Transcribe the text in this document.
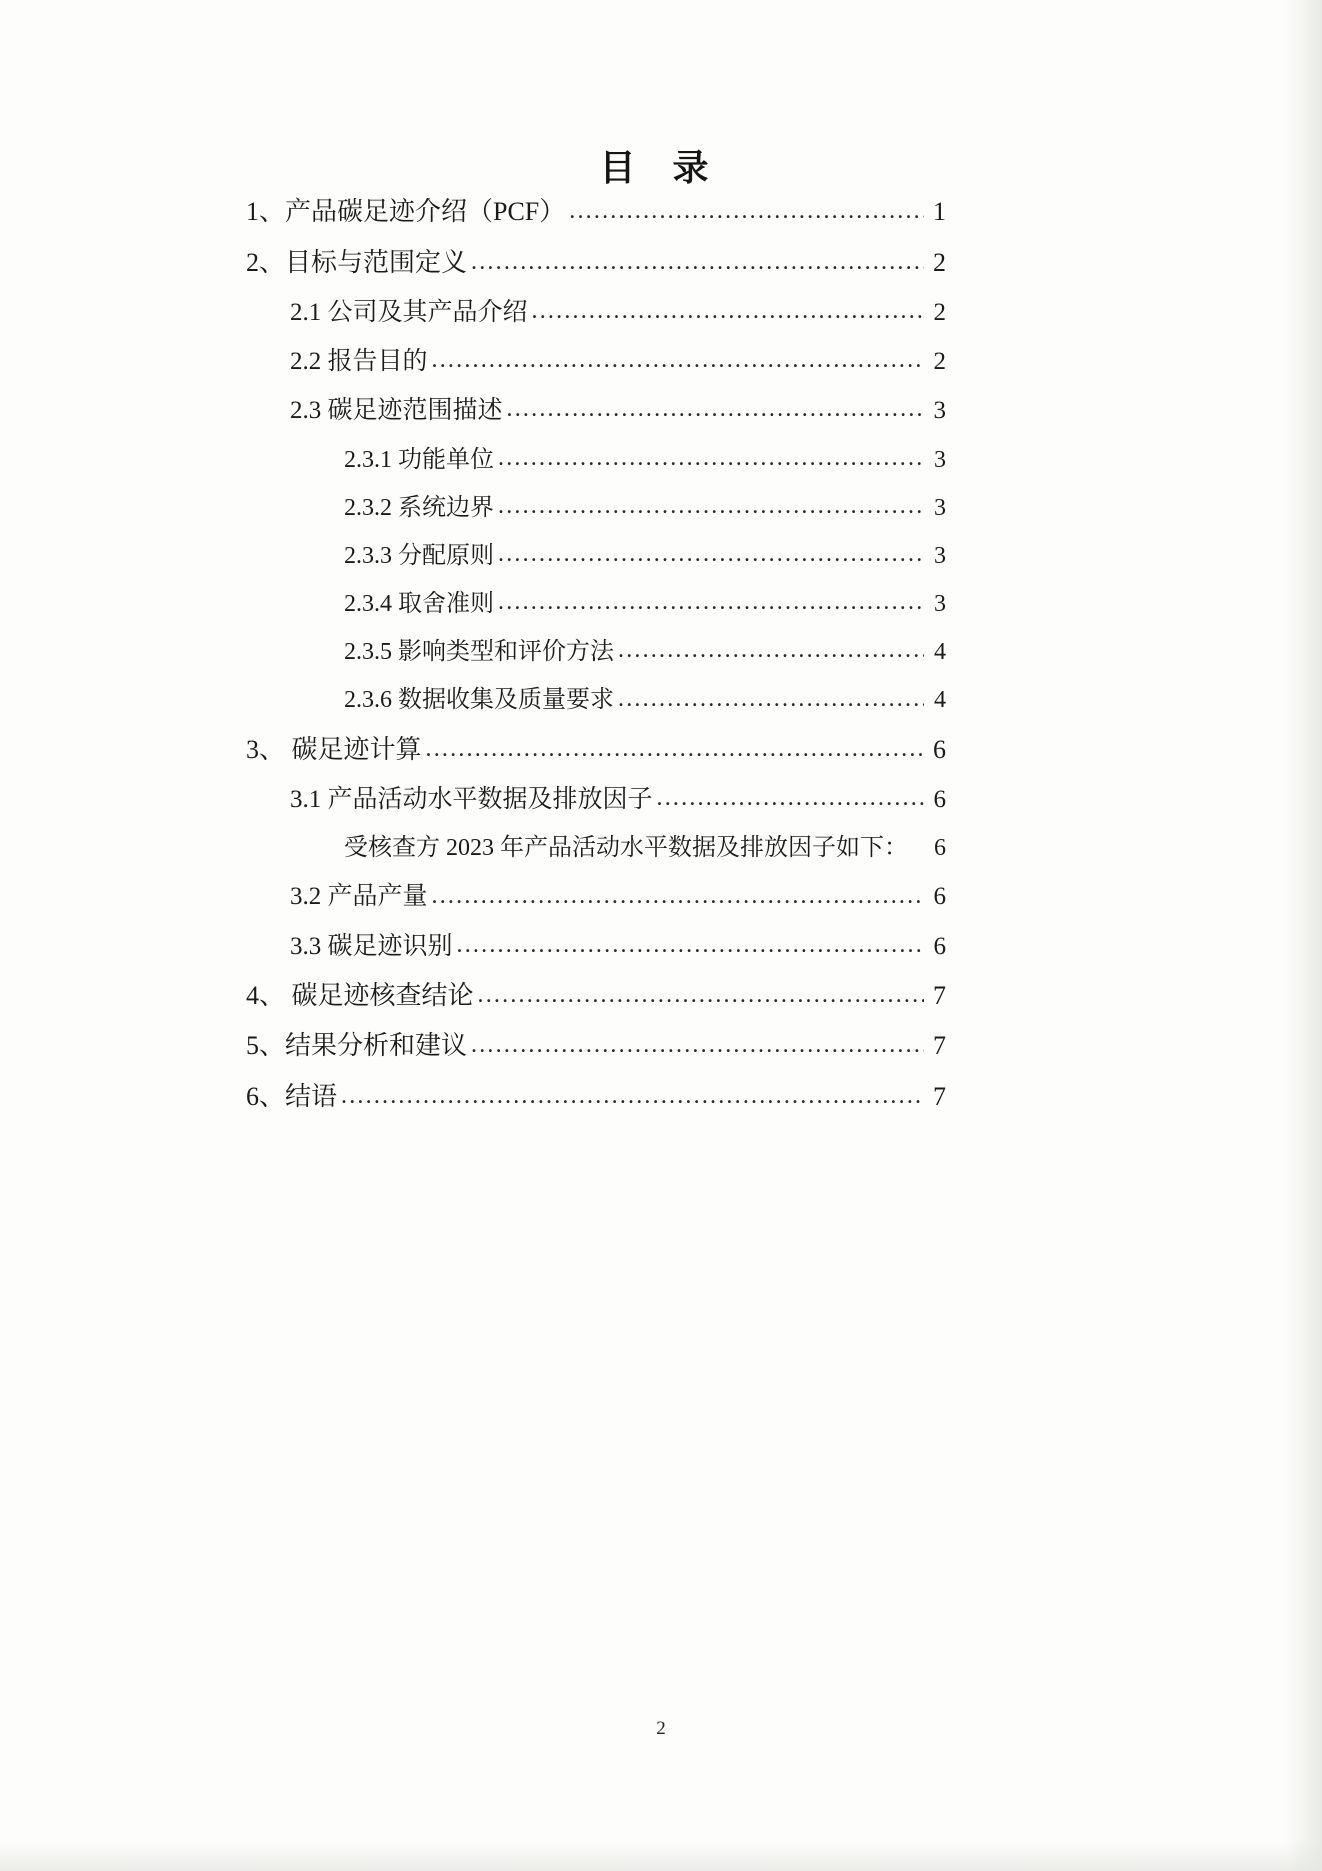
目 录
1、产品碳足迹介绍（PCF） .....	1
2、目标与范围定义 .....	2
2.1 公司及其产品介绍 .....	2
2.2 报告目的 .....	2
2.3 碳足迹范围描述 .....	3
2.3.1 功能单位 .....	3
2.3.2 系统边界 .....	3
2.3.3 分配原则 .....	3
2.3.4 取舍准则 .....	3
2.3.5 影响类型和评价方法 .....	4
2.3.6 数据收集及质量要求 .....	4
3、 碳足迹计算 .....	6
3.1 产品活动水平数据及排放因子 .....	6
受核查方 2023 年产品活动水平数据及排放因子如下：	6
3.2 产品产量 .....	6
3.3 碳足迹识别 .....	6
4、 碳足迹核查结论 .....	7
5、结果分析和建议 .....	7
6、结语 .....	7
2
